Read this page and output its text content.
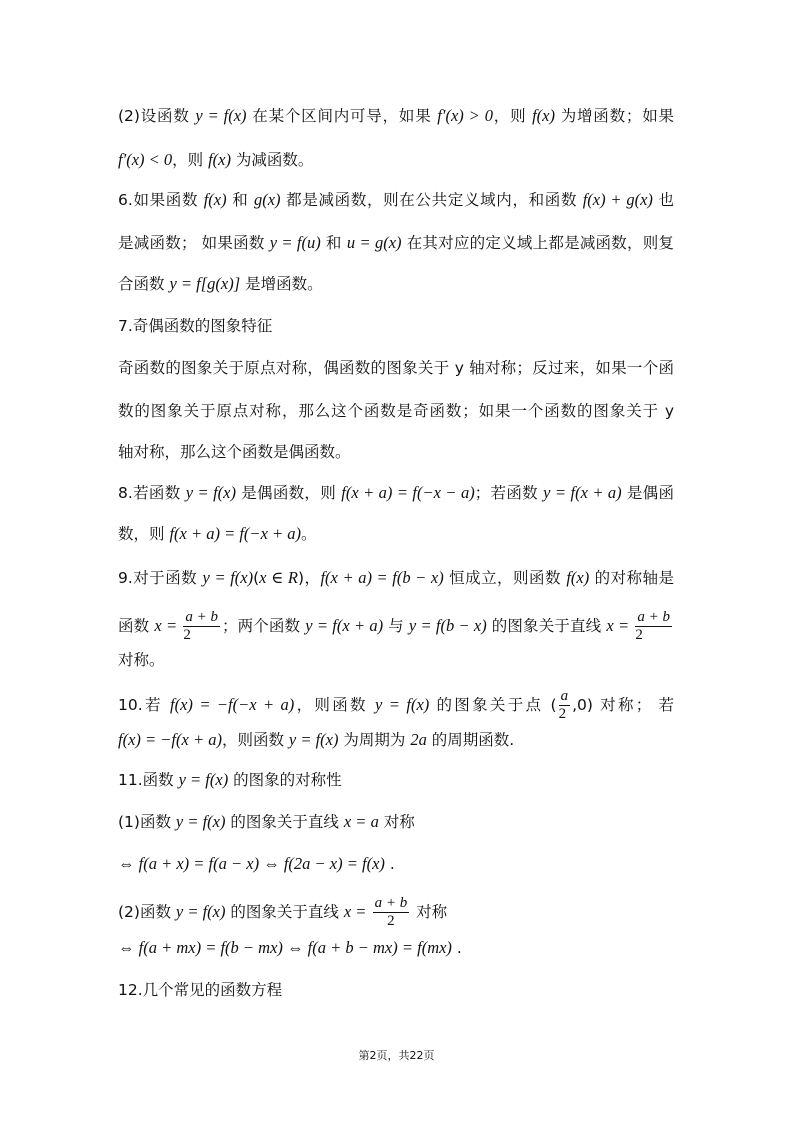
(2)设函数 y = f(x) 在某个区间内可导，如果 f′(x) > 0，则 f(x) 为增函数；如果
f′(x) < 0，则 f(x) 为减函数。
6.如果函数 f(x) 和 g(x) 都是减函数，则在公共定义域内，和函数 f(x) + g(x) 也
是减函数； 如果函数 y = f(u) 和 u = g(x) 在其对应的定义域上都是减函数，则复
合函数 y = f[g(x)] 是增函数。
7.奇偶函数的图象特征
奇函数的图象关于原点对称，偶函数的图象关于 y 轴对称；反过来，如果一个函
数的图象关于原点对称，那么这个函数是奇函数；如果一个函数的图象关于 y
轴对称，那么这个函数是偶函数。
8.若函数 y = f(x) 是偶函数，则 f(x + a) = f(−x − a)；若函数 y = f(x + a) 是偶函
数，则 f(x + a) = f(−x + a)。
9.对于函数 y = f(x)(x ∈ R)，f(x + a) = f(b − x) 恒成立，则函数 f(x) 的对称轴是
函数 $x = \frac{a + b}{2}$ ；两个函数 y = f(x + a) 与 y = f(b − x) 的图象关于直线 $x = \frac{a + b}{2}$
对称。
10.若 f(x) = −f(−x + a)，则函数 y = f(x) 的图象关于点 ( $\frac{a}{2} ,0$) 对称； 若
f(x) = −f(x + a)，则函数 y = f(x) 为周期为 2a 的周期函数.
11.函数 y = f(x) 的图象的对称性
(1)函数 y = f(x) 的图象关于直线 x = a 对称
⇔ f(a + x) = f(a − x) ⇔ f(2a − x) = f(x) .
(2)函数 y = f(x) 的图象关于直线 $x = \frac{a + b}{2}$ 对称
⇔ f(a + mx) = f(b − mx) ⇔ f(a + b − mx) = f(mx) .
12.几个常见的函数方程
第2页，共22页
